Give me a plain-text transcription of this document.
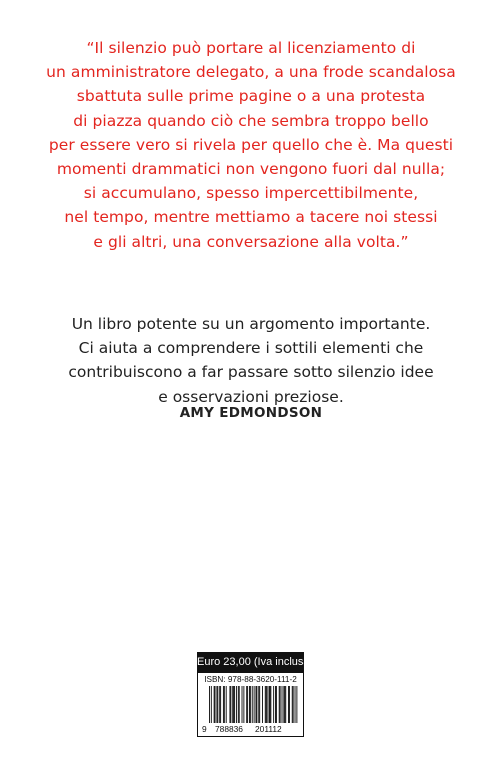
“Il silenzio può portare al licenziamento di
un amministratore delegato, a una frode scandalosa
sbattuta sulle prime pagine o a una protesta
di piazza quando ciò che sembra troppo bello
per essere vero si rivela per quello che è. Ma questi
momenti drammatici non vengono fuori dal nulla;
si accumulano, spesso impercettibilmente,
nel tempo, mentre mettiamo a tacere noi stessi
e gli altri, una conversazione alla volta.”
Un libro potente su un argomento importante.
Ci aiuta a comprendere i sottili elementi che
contribuiscono a far passare sotto silenzio idee
e osservazioni preziose.
AMY EDMONDSON
Euro 23,00 (Iva inclusa)
ISBN: 978-88-3620-111-2
9 788836 201112
